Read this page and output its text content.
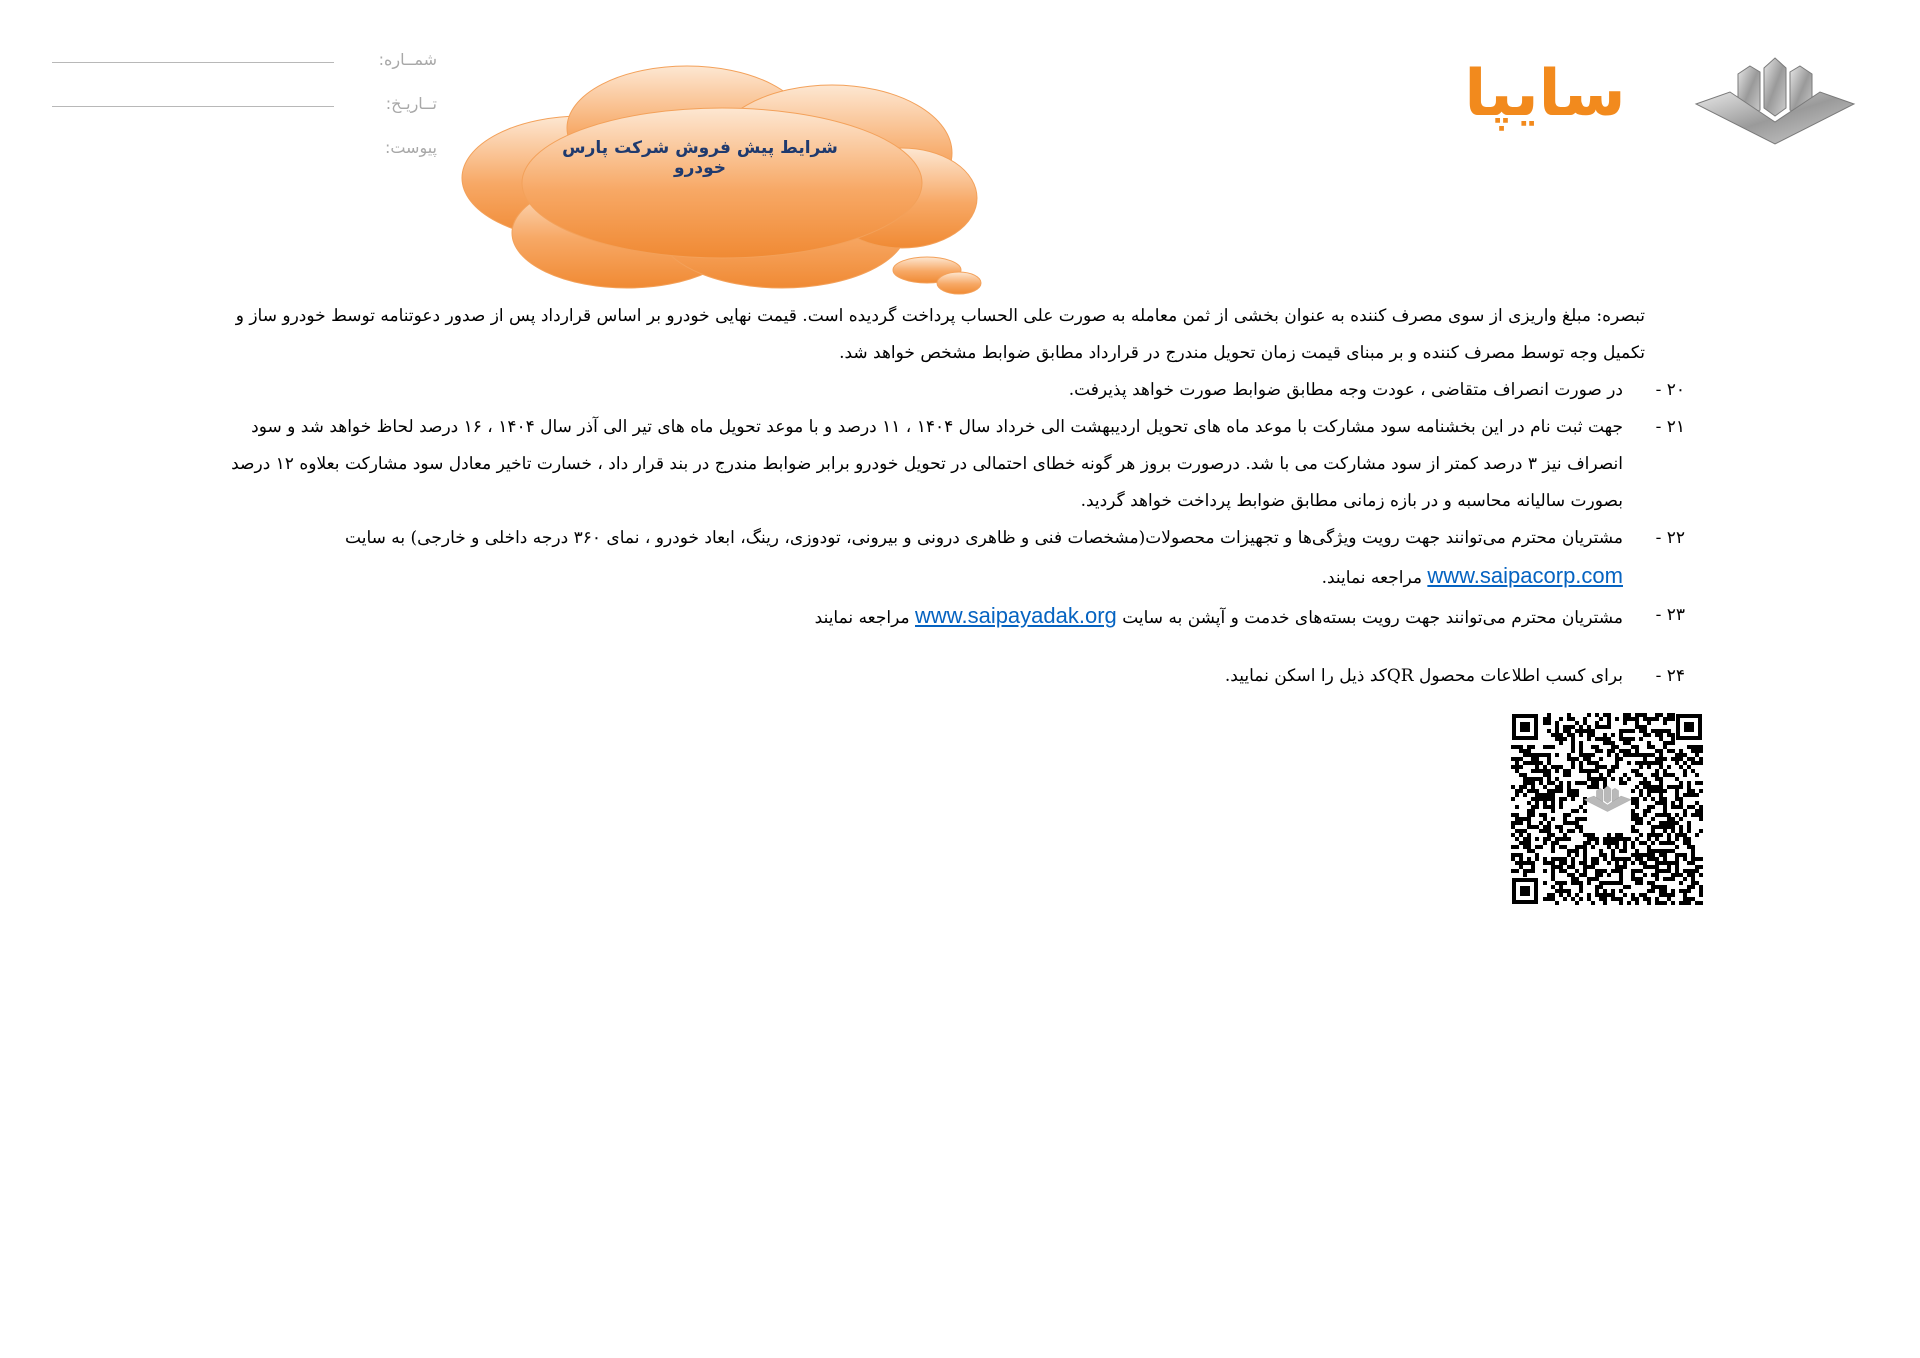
شمــاره:
تــاریـخ:
پیوست:	شرایط پیش فروش شرکت پارس خودرو
سایپا
تبصره: مبلغ واریزی از سوی مصرف کننده به عنوان بخشی از ثمن معامله به صورت علی الحساب پرداخت گردیده است. قیمت نهایی خودرو بر اساس قرارداد پس از صدور دعوتنامه توسط خودرو ساز و
تکمیل وجه توسط مصرف کننده و بر مبنای قیمت زمان تحویل مندرج در قرارداد مطابق ضوابط مشخص خواهد شد.
۲۰ -
در صورت انصراف متقاضی ، عودت وجه مطابق ضوابط صورت خواهد پذیرفت.
۲۱ -
جهت ثبت نام در این بخشنامه سود مشارکت با موعد ماه های تحویل اردیبهشت الی خرداد سال ۱۴۰۴ ، ۱۱ درصد و با موعد تحویل ماه های تیر الی آذر سال ۱۴۰۴ ، ۱۶ درصد لحاظ خواهد شد و سود
انصراف نیز ۳ درصد کمتر از سود مشارکت می با شد. درصورت بروز هر گونه خطای احتمالی در تحویل خودرو برابر ضوابط مندرج در بند قرار داد ، خسارت تاخیر معادل سود مشارکت بعلاوه ۱۲ درصد
بصورت سالیانه محاسبه و در بازه زمانی مطابق ضوابط پرداخت خواهد گردید.
۲۲ -
مشتریان محترم می‌توانند جهت رویت ویژگی‌ها و تجهیزات محصولات(مشخصات فنی و ظاهری درونی و بیرونی، تودوزی، رینگ، ابعاد خودرو ، نمای ۳۶۰ درجه داخلی و خارجی) به سایت
www.saipacorp.com مراجعه نمایند.
۲۳ -
مشتریان محترم می‌توانند جهت رویت بسته‌های خدمت و آپشن به سایت www.saipayadak.org مراجعه نمایند
۲۴ -
برای کسب اطلاعات محصول QRکد ذیل را اسکن نمایید.
